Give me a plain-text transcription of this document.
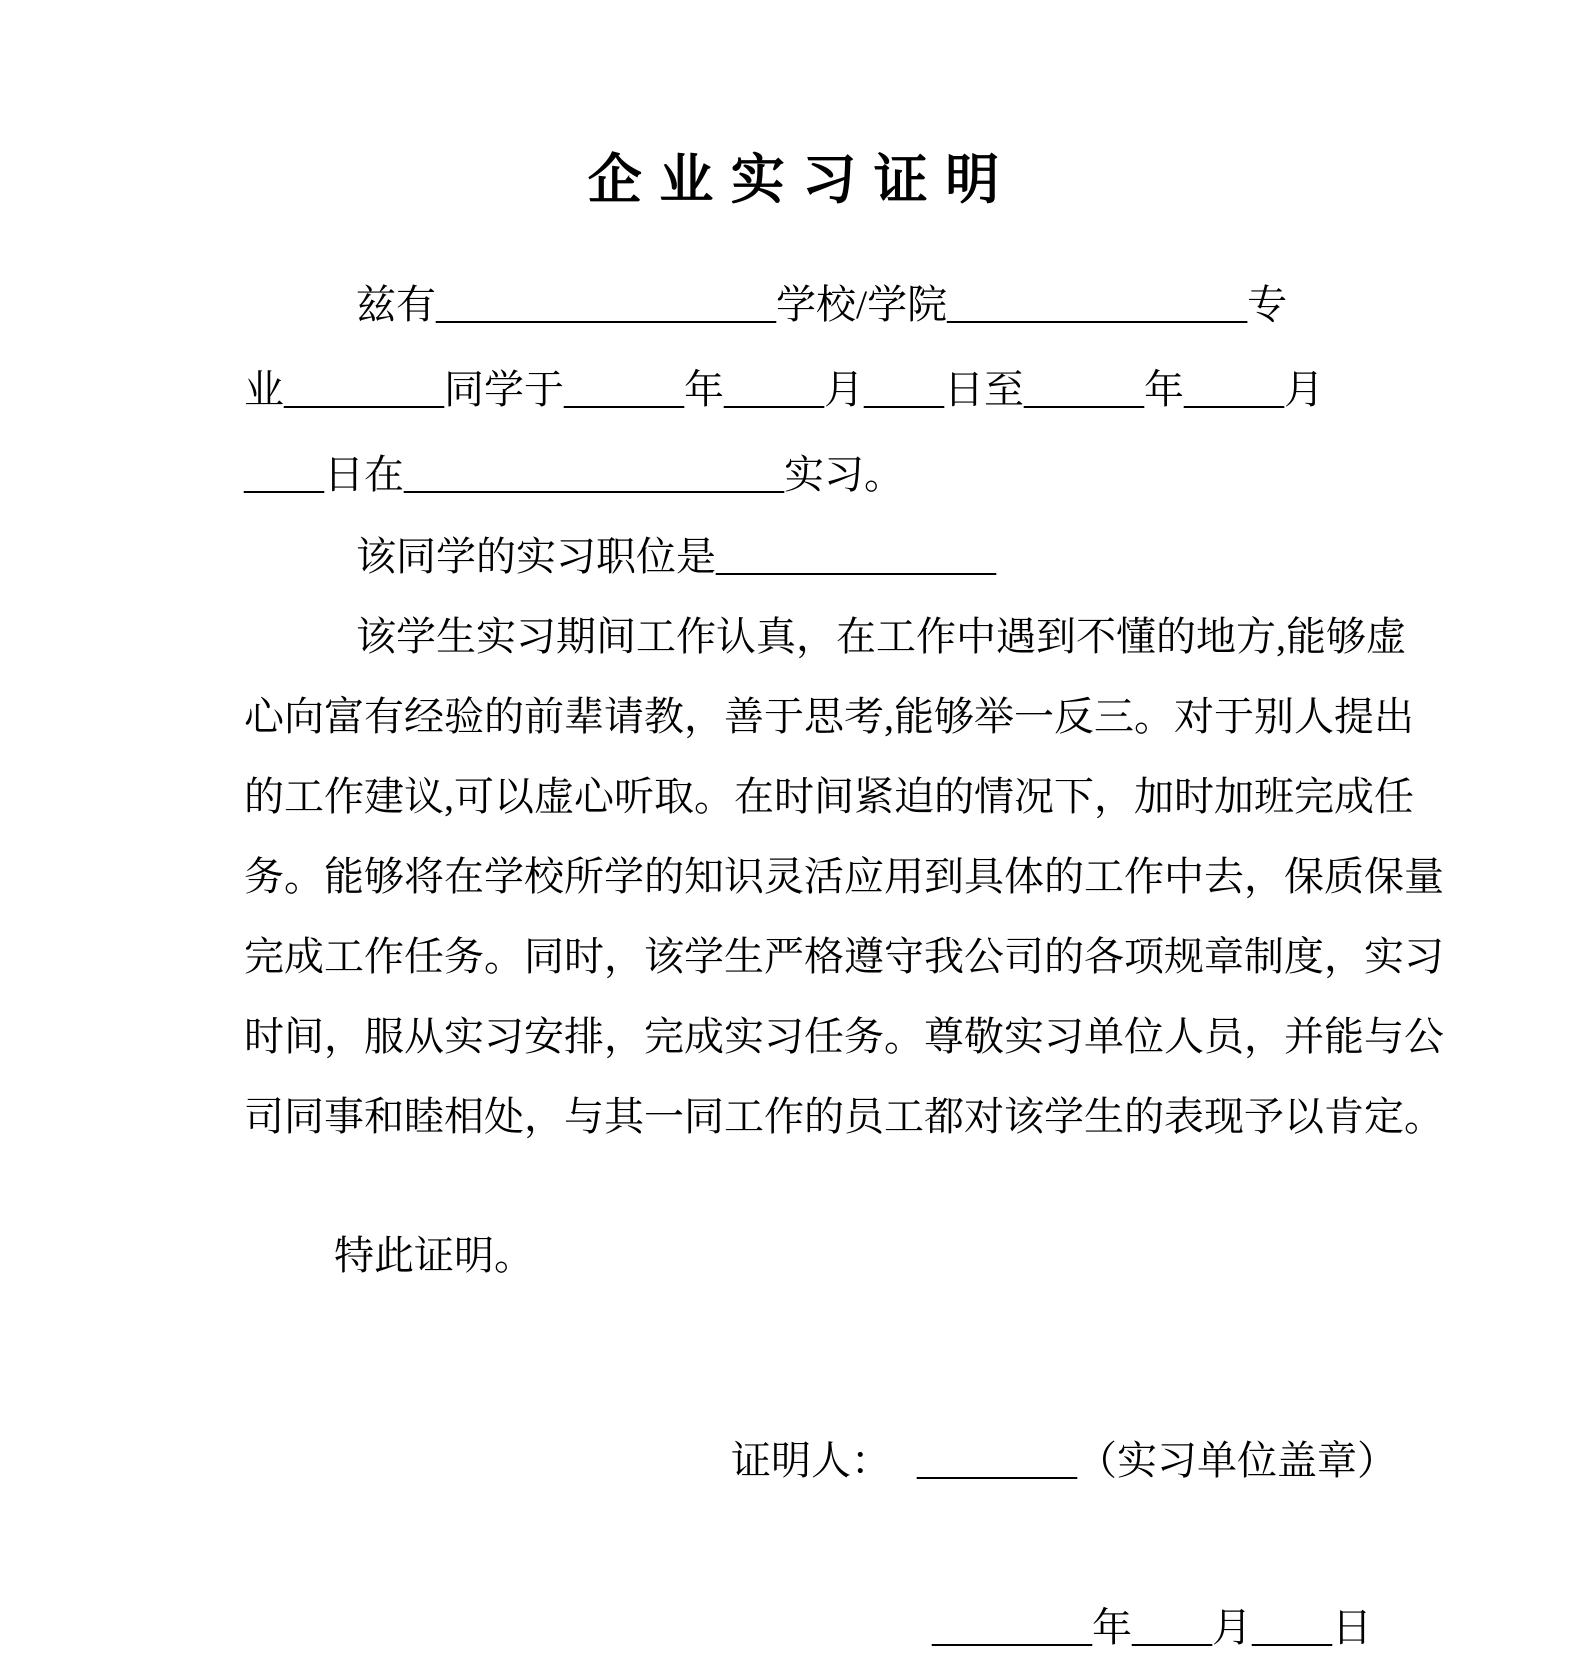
企 业 实 习 证 明
兹有_________________学校/学院_______________专
业________同学于______年_____月____日至______年_____月
____日在___________________实习。
该同学的实习职位是______________
该学生实习期间工作认真，在工作中遇到不懂的地方,能够虚
心向富有经验的前辈请教，善于思考,能够举一反三。对于别人提出
的工作建议,可以虚心听取。在时间紧迫的情况下，加时加班完成任
务。能够将在学校所学的知识灵活应用到具体的工作中去，保质保量
完成工作任务。同时，该学生严格遵守我公司的各项规章制度，实习
时间，服从实习安排，完成实习任务。尊敬实习单位人员，并能与公
司同事和睦相处，与其一同工作的员工都对该学生的表现予以肯定。
特此证明。
证明人： ________（实习单位盖章）
________年____月____日
